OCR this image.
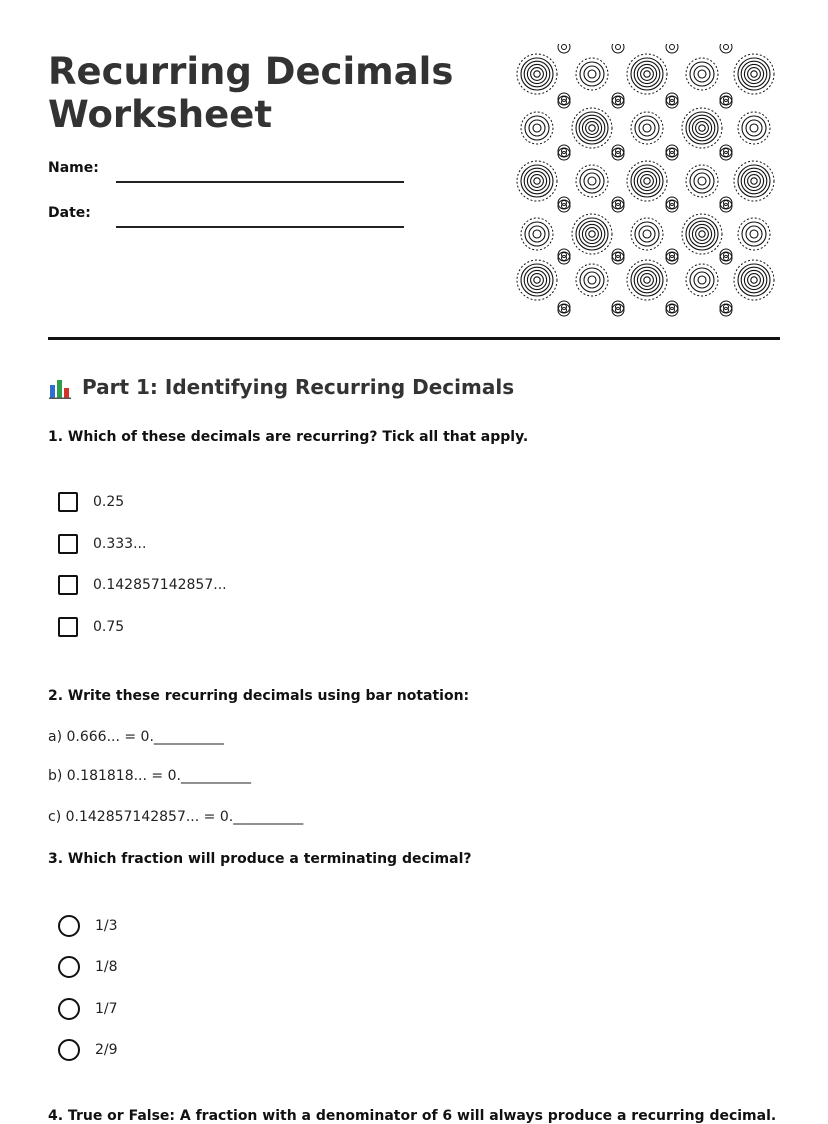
Recurring Decimals
Worksheet
Name:
Date:
Part 1: Identifying Recurring Decimals
1. Which of these decimals are recurring? Tick all that apply.
0.25
0.333...
0.142857142857...
0.75
2. Write these recurring decimals using bar notation:
a) 0.666... = 0.__________
b) 0.181818... = 0.__________
c) 0.142857142857... = 0.__________
3. Which fraction will produce a terminating decimal?
1/3
1/8
1/7
2/9
4. True or False: A fraction with a denominator of 6 will always produce a recurring decimal.
